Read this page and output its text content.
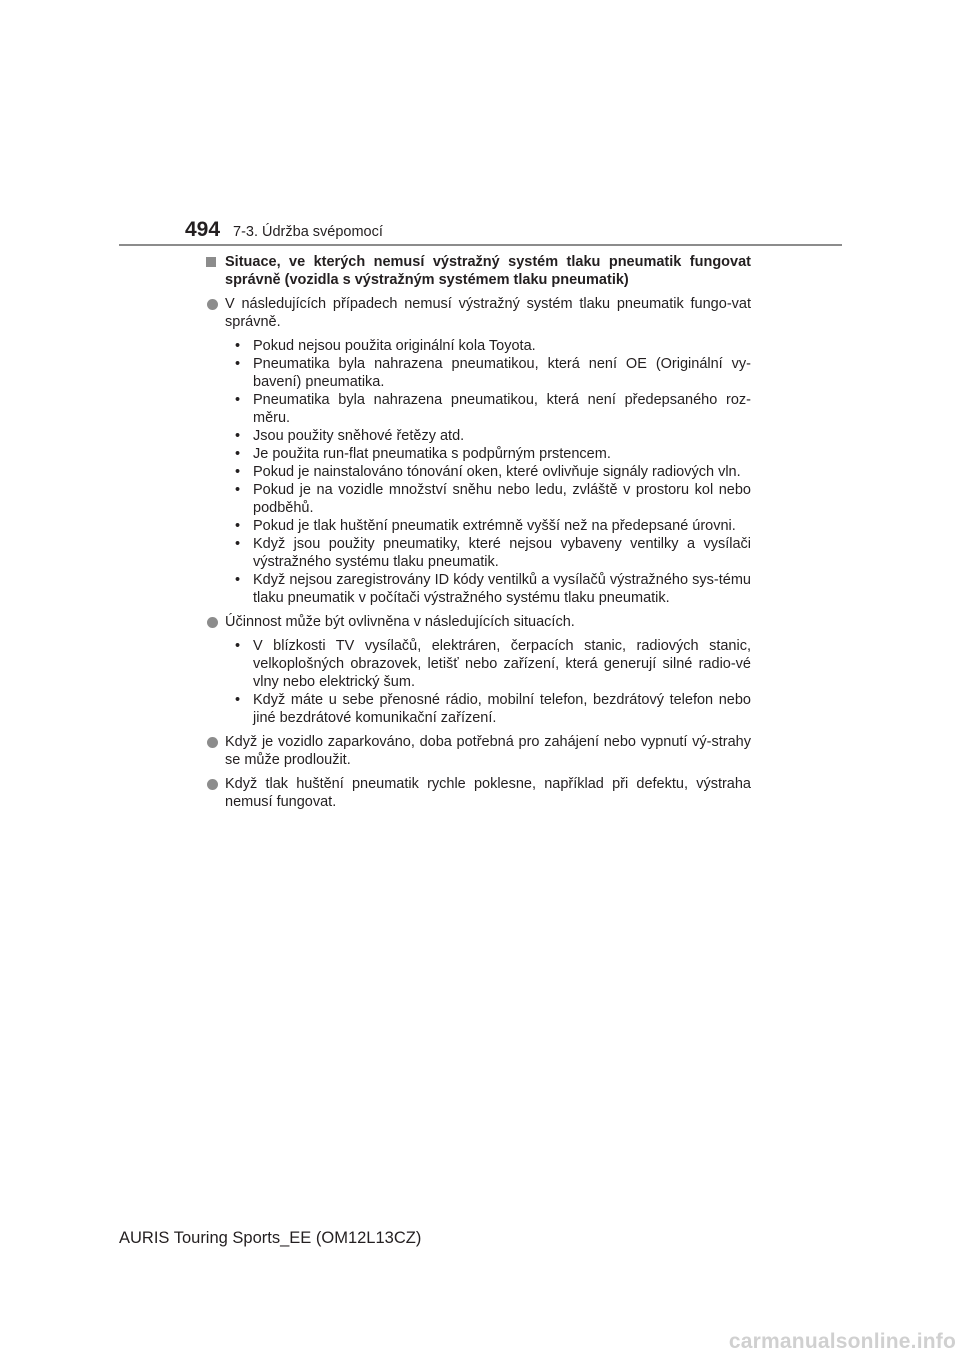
494 7-3. Údržba svépomocí
Situace, ve kterých nemusí výstražný systém tlaku pneumatik fungovat správně (vozidla s výstražným systémem tlaku pneumatik)
V následujících případech nemusí výstražný systém tlaku pneumatik fungo-vat správně.
• Pokud nejsou použita originální kola Toyota.
• Pneumatika byla nahrazena pneumatikou, která není OE (Originální vy-bavení) pneumatika.
• Pneumatika byla nahrazena pneumatikou, která není předepsaného roz-měru.
• Jsou použity sněhové řetězy atd.
• Je použita run-flat pneumatika s podpůrným prstencem.
• Pokud je nainstalováno tónování oken, které ovlivňuje signály radiových vln.
• Pokud je na vozidle množství sněhu nebo ledu, zvláště v prostoru kol nebo podběhů.
• Pokud je tlak huštění pneumatik extrémně vyšší než na předepsané úrovni.
• Když jsou použity pneumatiky, které nejsou vybaveny ventilky a vysílači výstražného systému tlaku pneumatik.
• Když nejsou zaregistrovány ID kódy ventilků a vysílačů výstražného sys-tému tlaku pneumatik v počítači výstražného systému tlaku pneumatik.
Účinnost může být ovlivněna v následujících situacích.
• V blízkosti TV vysílačů, elektráren, čerpacích stanic, radiových stanic, velkoplošných obrazovek, letišť nebo zařízení, která generují silné radio-vé vlny nebo elektrický šum.
• Když máte u sebe přenosné rádio, mobilní telefon, bezdrátový telefon nebo jiné bezdrátové komunikační zařízení.
Když je vozidlo zaparkováno, doba potřebná pro zahájení nebo vypnutí vý-strahy se může prodloužit.
Když tlak huštění pneumatik rychle poklesne, například při defektu, výstraha nemusí fungovat.
AURIS Touring Sports_EE (OM12L13CZ)
carmanualsonline.info
